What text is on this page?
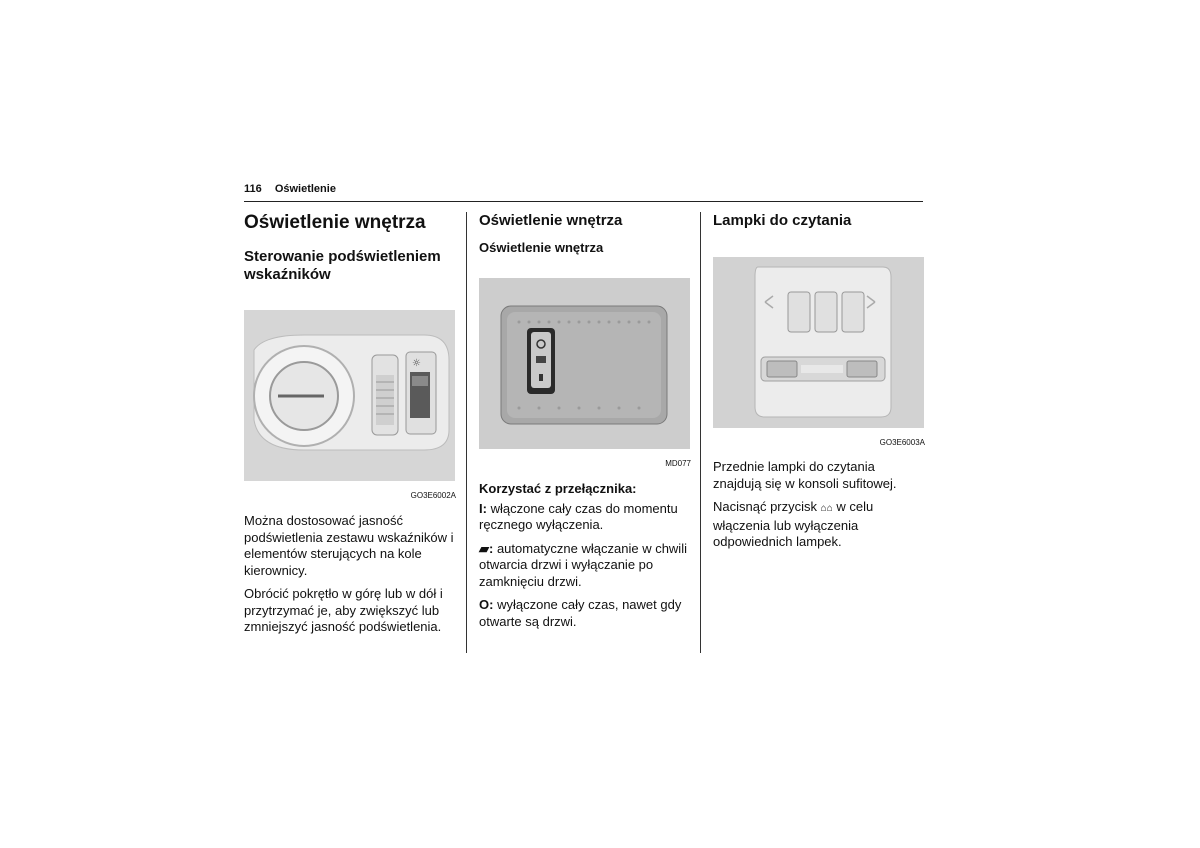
116 Oświetlenie
Oświetlenie wnętrza
Sterowanie podświetleniem wskaźników
☼
GO3E6002A

Można dostosować jasność podświetlenia zestawu wskaźników i elementów sterujących na kole kierownicy.

Obrócić pokrętło w górę lub w dół i przytrzymać je, aby zwiększyć lub zmniejszyć jasność podświetlenia.

Oświetlenie wnętrza
Oświetlenie wnętrza
MD077

Korzystać z przełącznika:

I: włączone cały czas do momentu ręcznego wyłączenia.

▰: automatyczne włączanie w chwili otwarcia drzwi i wyłączanie po zamknięciu drzwi.

O: wyłączone cały czas, nawet gdy otwarte są drzwi.

Lampki do czytania
GO3E6003A

Przednie lampki do czytania znajdują się w konsoli sufitowej.

Nacisnąć przycisk ⌂⌂ w celu włączenia lub wyłączenia odpowiednich lampek.
